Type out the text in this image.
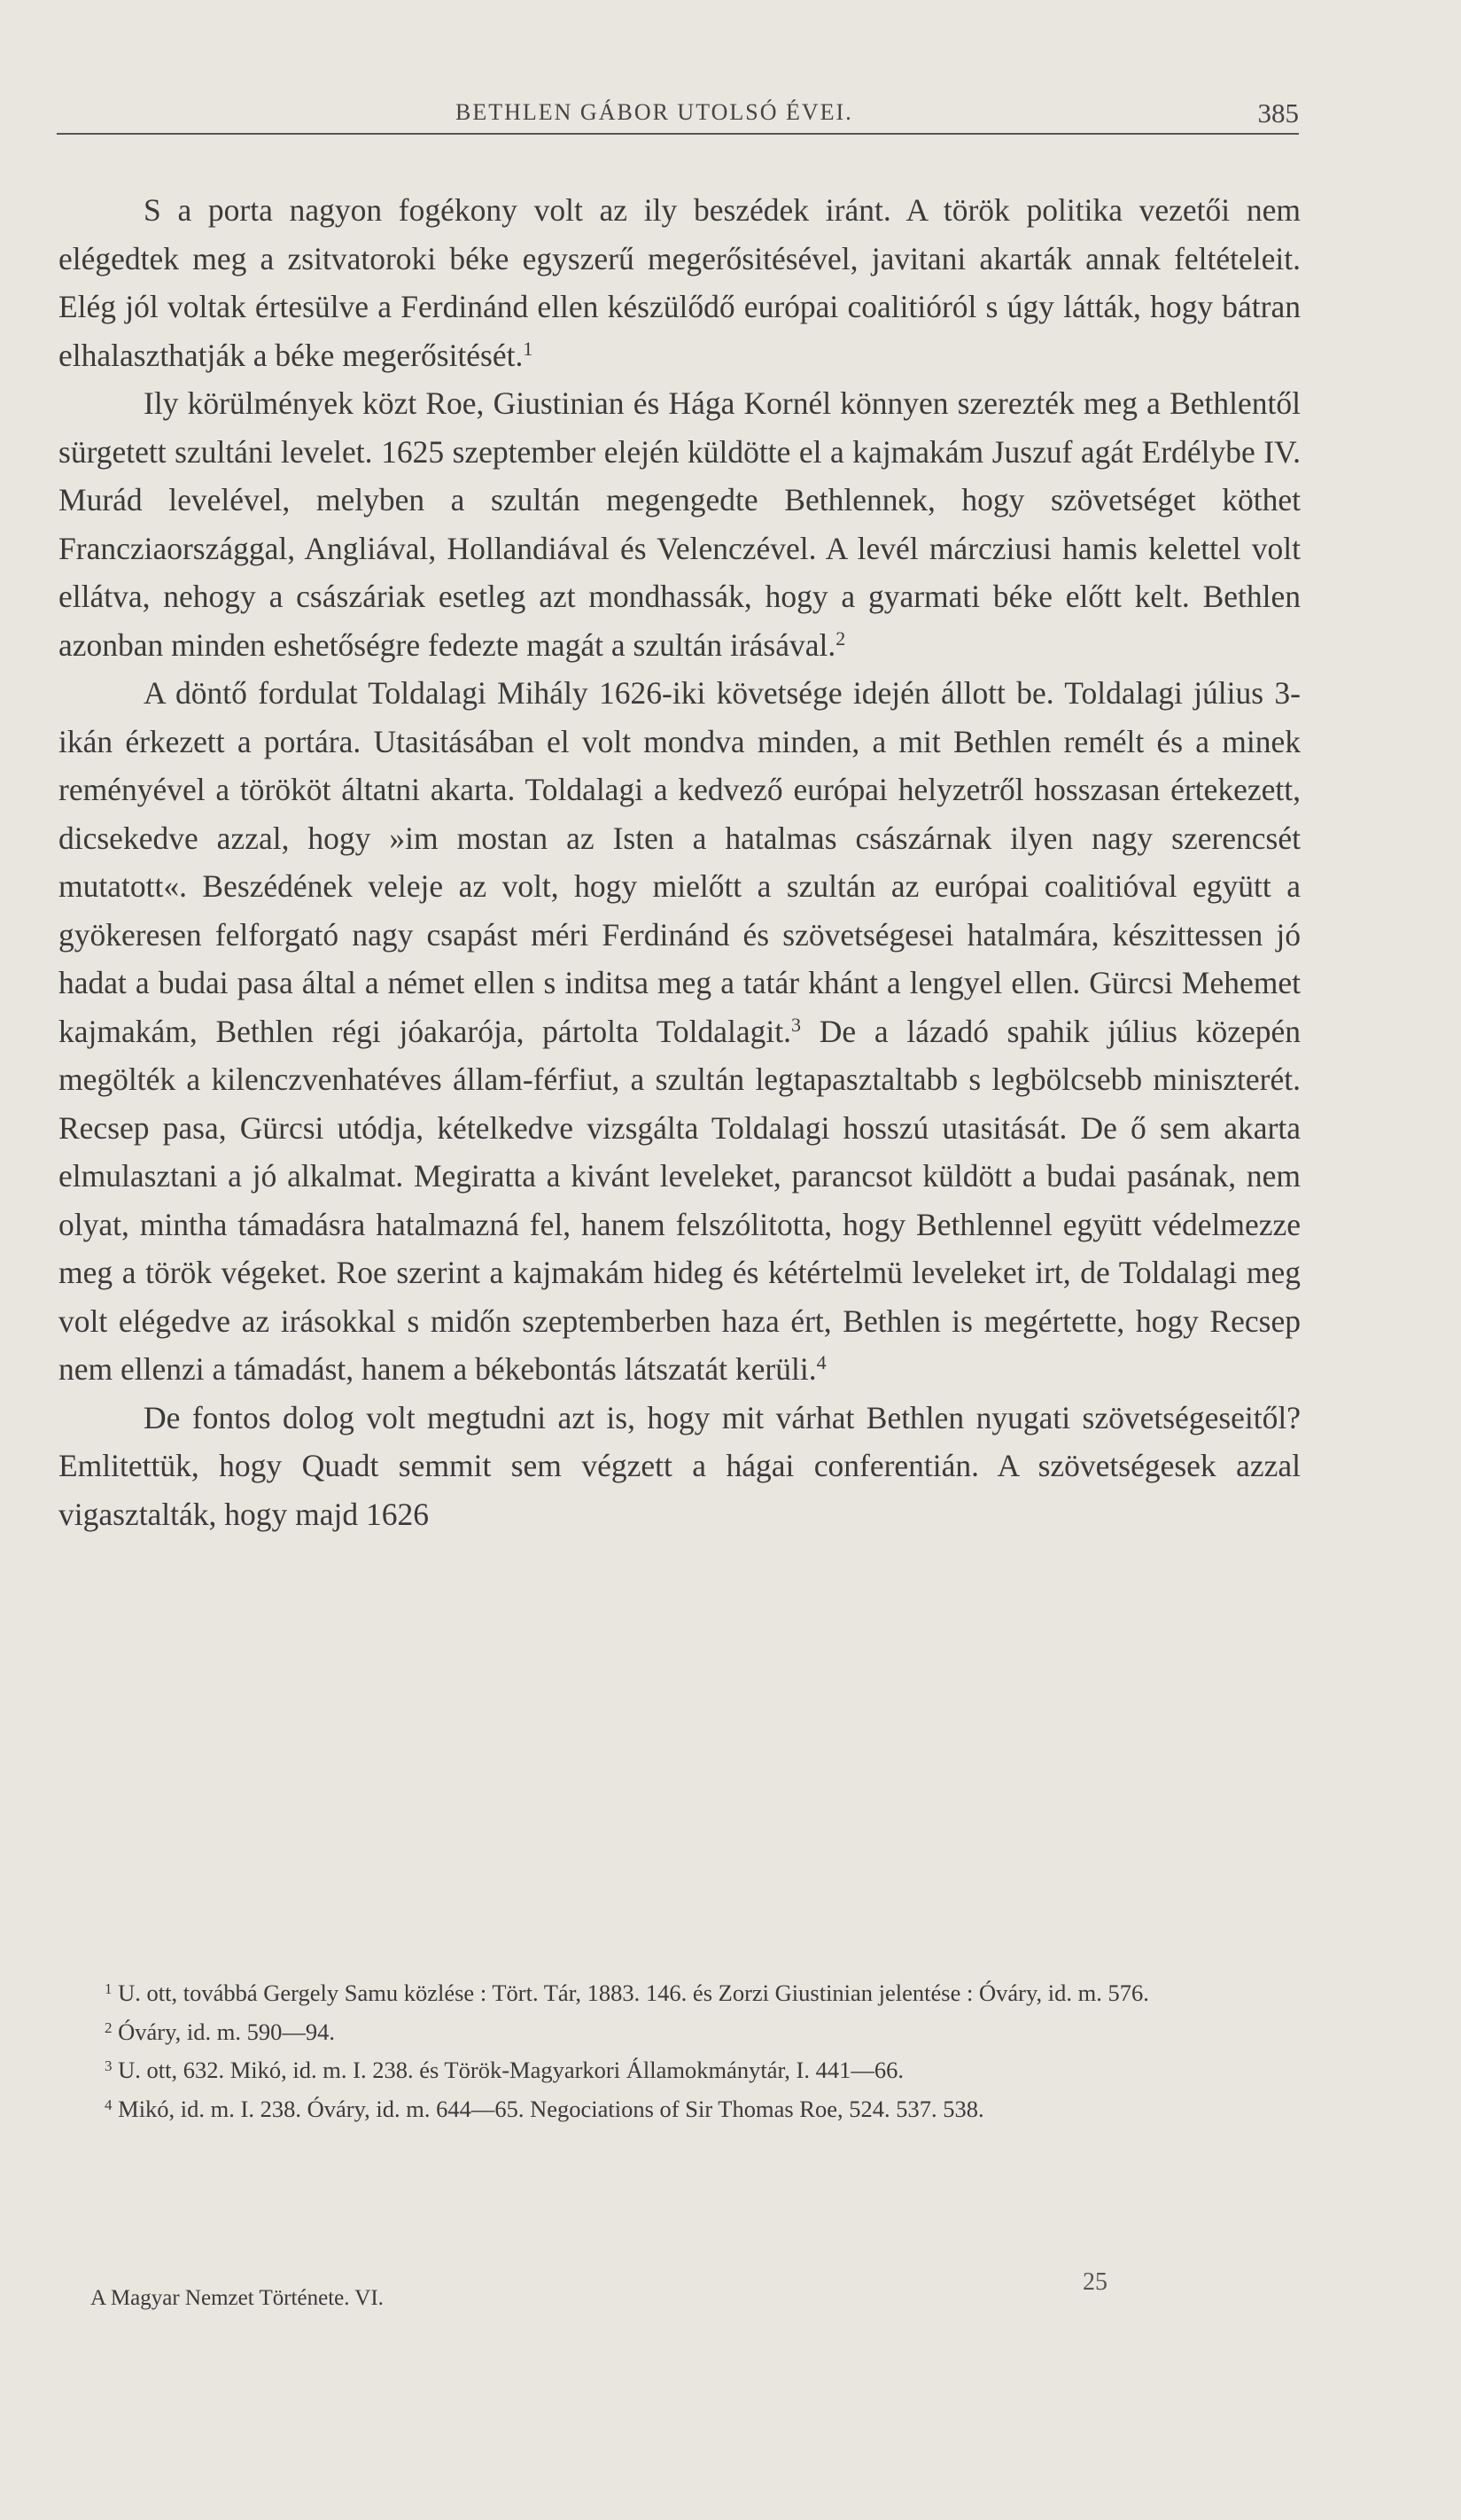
BETHLEN GÁBOR UTOLSÓ ÉVEI.	385

S a porta nagyon fogékony volt az ily beszédek iránt. A török politika vezetői nem elégedtek meg a zsitvatoroki béke egyszerű megerősitésével, javitani akarták annak feltételeit. Elég jól voltak értesülve a Ferdinánd ellen készülődő európai coalitióról s úgy látták, hogy bátran elhalaszthatják a béke megerősitését.$^1$

Ily körülmények közt Roe, Giustinian és Hága Kornél könnyen szerezték meg a Bethlentől sürgetett szultáni levelet. 1625 szeptember elején küldötte el a kajmakám Juszuf agát Erdélybe IV. Murád levelével, melyben a szultán megengedte Bethlennek, hogy szövetséget köthet Francziaországgal, Angliával, Hollandiával és Velenczével. A levél márcziusi hamis kelettel volt ellátva, nehogy a császáriak esetleg azt mondhassák, hogy a gyarmati béke előtt kelt. Bethlen azonban minden eshetőségre fedezte magát a szultán irásával.$^2$

A döntő fordulat Toldalagi Mihály 1626-iki követsége idején állott be. Toldalagi július 3-ikán érkezett a portára. Utasitásában el volt mondva minden, a mit Bethlen remélt és a minek reményével a törököt áltatni akarta. Toldalagi a kedvező európai helyzetről hosszasan értekezett, dicsekedve azzal, hogy »im mostan az Isten a hatalmas császárnak ilyen nagy szerencsét mutatott«. Beszédének veleje az volt, hogy mielőtt a szultán az európai coalitióval együtt a gyökeresen felforgató nagy csapást méri Ferdinánd és szövetségesei hatalmára, készittessen jó hadat a budai pasa által a német ellen s inditsa meg a tatár khánt a lengyel ellen. Gürcsi Mehemet kajmakám, Bethlen régi jóakarója, pártolta Toldalagit.$^3$ De a lázadó spahik július közepén megölték a kilenczvenhatéves állam-férfiut, a szultán legtapasztaltabb s legbölcsebb miniszterét. Recsep pasa, Gürcsi utódja, kételkedve vizsgálta Toldalagi hosszú utasitását. De ő sem akarta elmulasztani a jó alkalmat. Megiratta a kivánt leveleket, parancsot küldött a budai pasának, nem olyat, mintha támadásra hatalmazná fel, hanem felszólitotta, hogy Bethlennel együtt védelmezze meg a török végeket. Roe szerint a kajmakám hideg és kétértelmü leveleket irt, de Toldalagi meg volt elégedve az irásokkal s midőn szeptemberben haza ért, Bethlen is megértette, hogy Recsep nem ellenzi a támadást, hanem a békebontás látszatát kerüli.$^4$

De fontos dolog volt megtudni azt is, hogy mit várhat Bethlen nyugati szövetségeseitől? Emlitettük, hogy Quadt semmit sem végzett a hágai conferentián. A szövetségesek azzal vigasztalták, hogy majd 1626

$^1$ U. ott, továbbá Gergely Samu közlése : Tört. Tár, 1883. 146. és Zorzi Giustinian jelentése : Óváry, id. m. 576.

$^2$ Óváry, id. m. 590—94.

$^3$ U. ott, 632. Mikó, id. m. I. 238. és Török-Magyarkori Államokmánytár, I. 441—66.

$^4$ Mikó, id. m. I. 238. Óváry, id. m. 644—65. Negociations of Sir Thomas Roe, 524. 537. 538.

A Magyar Nemzet Története. VI.
25
